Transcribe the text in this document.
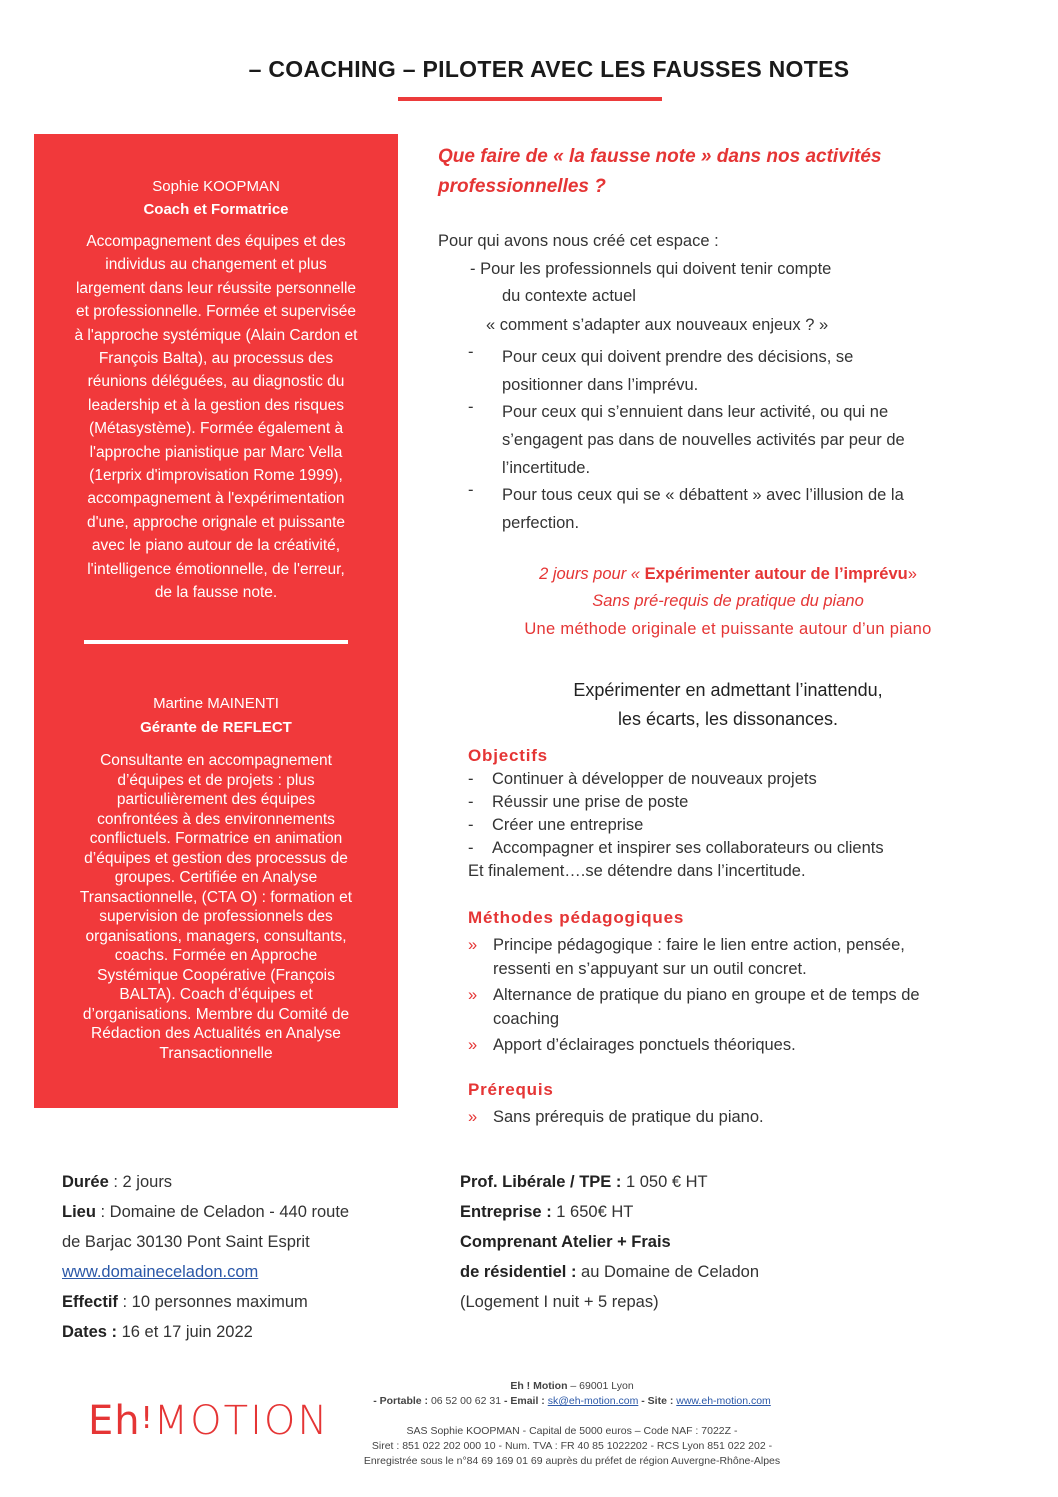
– COACHING – PILOTER AVEC LES FAUSSES NOTES
Sophie KOOPMAN
Coach et Formatrice
Accompagnement des équipes et des
individus au changement et plus
largement dans leur réussite personnelle
et professionnelle. Formée et supervisée
à l'approche systémique (Alain Cardon et
François Balta), au processus des
réunions déléguées, au diagnostic du
leadership et à la gestion des risques
(Métasystème). Formée également à
l'approche pianistique par Marc Vella
(1erprix d'improvisation Rome 1999),
accompagnement à l'expérimentation
d'une, approche orignale et puissante
avec le piano autour de la créativité,
l'intelligence émotionnelle, de l'erreur,
de la fausse note.
Martine MAINENTI
Gérante de REFLECT
Consultante en accompagnement
d’équipes et de projets : plus
particulièrement des équipes
confrontées à des environnements
conflictuels. Formatrice en animation
d’équipes et gestion des processus de
groupes. Certifiée en Analyse
Transactionnelle, (CTA O) : formation et
supervision de professionnels des
organisations, managers, consultants,
coachs. Formée en Approche
Systémique Coopérative (François
BALTA). Coach d’équipes et
d’organisations. Membre du Comité de
Rédaction des Actualités en Analyse
Transactionnelle
Que faire de « la fausse note » dans nos activités
professionnelles ?
Pour qui avons nous créé cet espace :
- Pour les professionnels qui doivent tenir compte
du contexte actuel
« comment s’adapter aux nouveaux enjeux ? »
- Pour ceux qui doivent prendre des décisions, se
positionner dans l’imprévu.
- Pour ceux qui s’ennuient dans leur activité, ou qui ne
s’engagent pas dans de nouvelles activités par peur de
l’incertitude.
- Pour tous ceux qui se « débattent » avec l’illusion de la
perfection.
2 jours pour « Expérimenter autour de l’imprévu»
Sans pré-requis de pratique du piano
Une méthode originale et puissante autour d’un piano
Expérimenter en admettant l’inattendu,
les écarts, les dissonances.
Objectifs
- Continuer à développer de nouveaux projets
- Réussir une prise de poste
- Créer une entreprise
- Accompagner et inspirer ses collaborateurs ou clients
Et finalement….se détendre dans l’incertitude.
Méthodes pédagogiques
» Principe pédagogique : faire le lien entre action, pensée, ressenti en s’appuyant sur un outil concret.
» Alternance de pratique du piano en groupe et de temps de coaching
» Apport d’éclairages ponctuels théoriques.
Prérequis
» Sans prérequis de pratique du piano.
Durée : 2 jours
Lieu : Domaine de Celadon - 440 route
de Barjac 30130 Pont Saint Esprit
www.domaineceladon.com
Effectif : 10 personnes maximum
Dates : 16 et 17 juin 2022
Prof. Libérale / TPE : 1 050 € HT
Entreprise : 1 650€ HT
Comprenant Atelier + Frais
de résidentiel : au Domaine de Celadon
(Logement I nuit + 5 repas)
Eh!MOTION
Eh ! Motion – 69001 Lyon
- Portable : 06 52 00 62 31 - Email : sk@eh-motion.com - Site : www.eh-motion.com
SAS Sophie KOOPMAN - Capital de 5000 euros – Code NAF : 7022Z -
Siret : 851 022 202 000 10 - Num. TVA : FR 40 85 1022202 - RCS Lyon 851 022 202 -
Enregistrée sous le n°84 69 169 01 69 auprès du préfet de région Auvergne-Rhône-Alpes
